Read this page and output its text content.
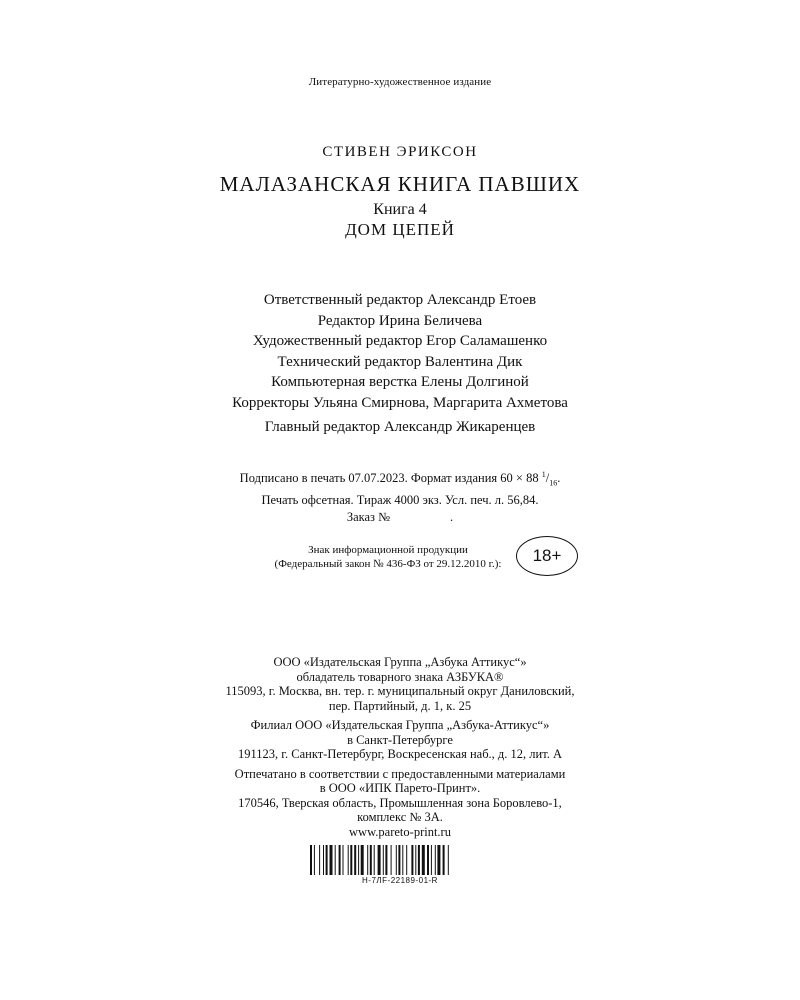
Литературно-художественное издание
СТИВЕН ЭРИКСОН
МАЛАЗАНСКАЯ КНИГА ПАВШИХ
Книга 4
ДОМ ЦЕПЕЙ
Ответственный редактор Александр Етоев
Редактор Ирина Беличева
Художественный редактор Егор Саламашенко
Технический редактор Валентина Дик
Компьютерная верстка Елены Долгиной
Корректоры Ульяна Смирнова, Маргарита Ахметова
Главный редактор Александр Жикаренцев
Подписано в печать 07.07.2023. Формат издания 60 × 88 $^1/_{16}$.
Печать офсетная. Тираж 4000 экз. Усл. печ. л. 56,84.
Заказ №	.
Знак информационной продукции
(Федеральный закон № 436-ФЗ от 29.12.2010 г.):	18+
ООО «Издательская Группа „Азбука Аттикус“»
обладатель товарного знака АЗБУКА®
115093, г. Москва, вн. тер. г. муниципальный округ Даниловский,
пер. Партийный, д. 1, к. 25
Филиал ООО «Издательская Группа „Азбука-Аттикус“»
в Санкт-Петербурге
191123, г. Санкт-Петербург, Воскресенская наб., д. 12, лит. А
Отпечатано в соответствии с предоставленными материалами
в ООО «ИПК Парето-Принт».
170546, Тверская область, Промышленная зона Боровлево-1,
комплекс № 3А.
www.pareto-print.ru
Н-7ЛF-22189-01-R
